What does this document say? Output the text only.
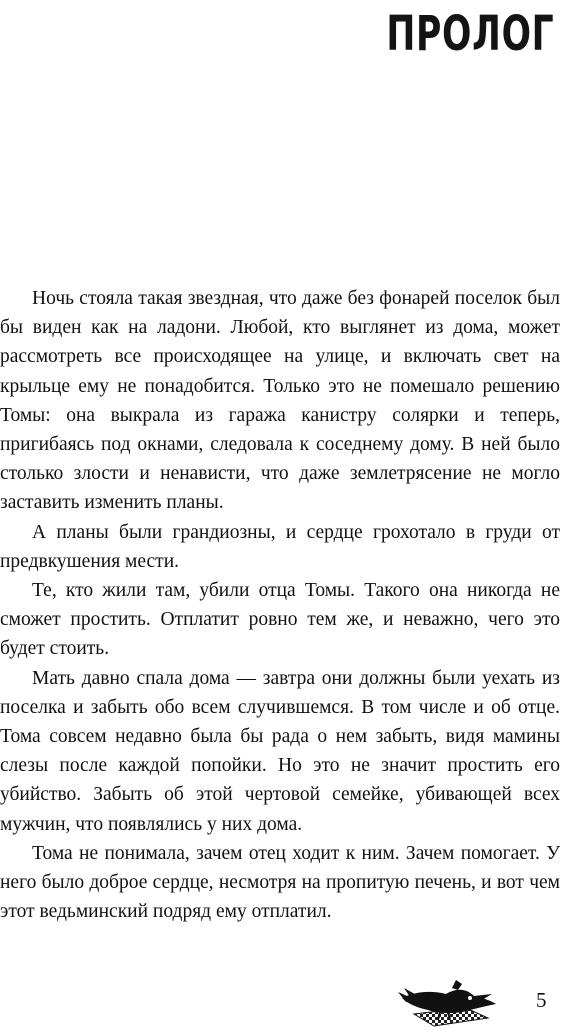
ПРОЛОГ

Ночь стояла такая звездная, что даже без фонарей поселок был бы виден как на ладони. Любой, кто выглянет из дома, может рассмотреть все происходящее на улице, и включать свет на крыльце ему не понадобится. Только это не помешало решению Томы: она выкрала из гаража канистру солярки и теперь, пригибаясь под окнами, следовала к соседнему дому. В ней было столько злости и ненависти, что даже землетрясение не могло заставить изменить планы.

А планы были грандиозны, и сердце грохотало в груди от предвкушения мести.

Те, кто жили там, убили отца Томы. Такого она никогда не сможет простить. Отплатит ровно тем же, и неважно, чего это будет стоить.

Мать давно спала дома — завтра они должны были уехать из поселка и забыть обо всем случившемся. В том числе и об отце. Тома совсем недавно была бы рада о нем забыть, видя мамины слезы после каждой попойки. Но это не значит простить его убийство. Забыть об этой чертовой семейке, убивающей всех мужчин, что появлялись у них дома.

Тома не понимала, зачем отец ходит к ним. Зачем помогает. У него было доброе сердце, несмотря на пропитую печень, и вот чем этот ведьминский подряд ему отплатил.

5
